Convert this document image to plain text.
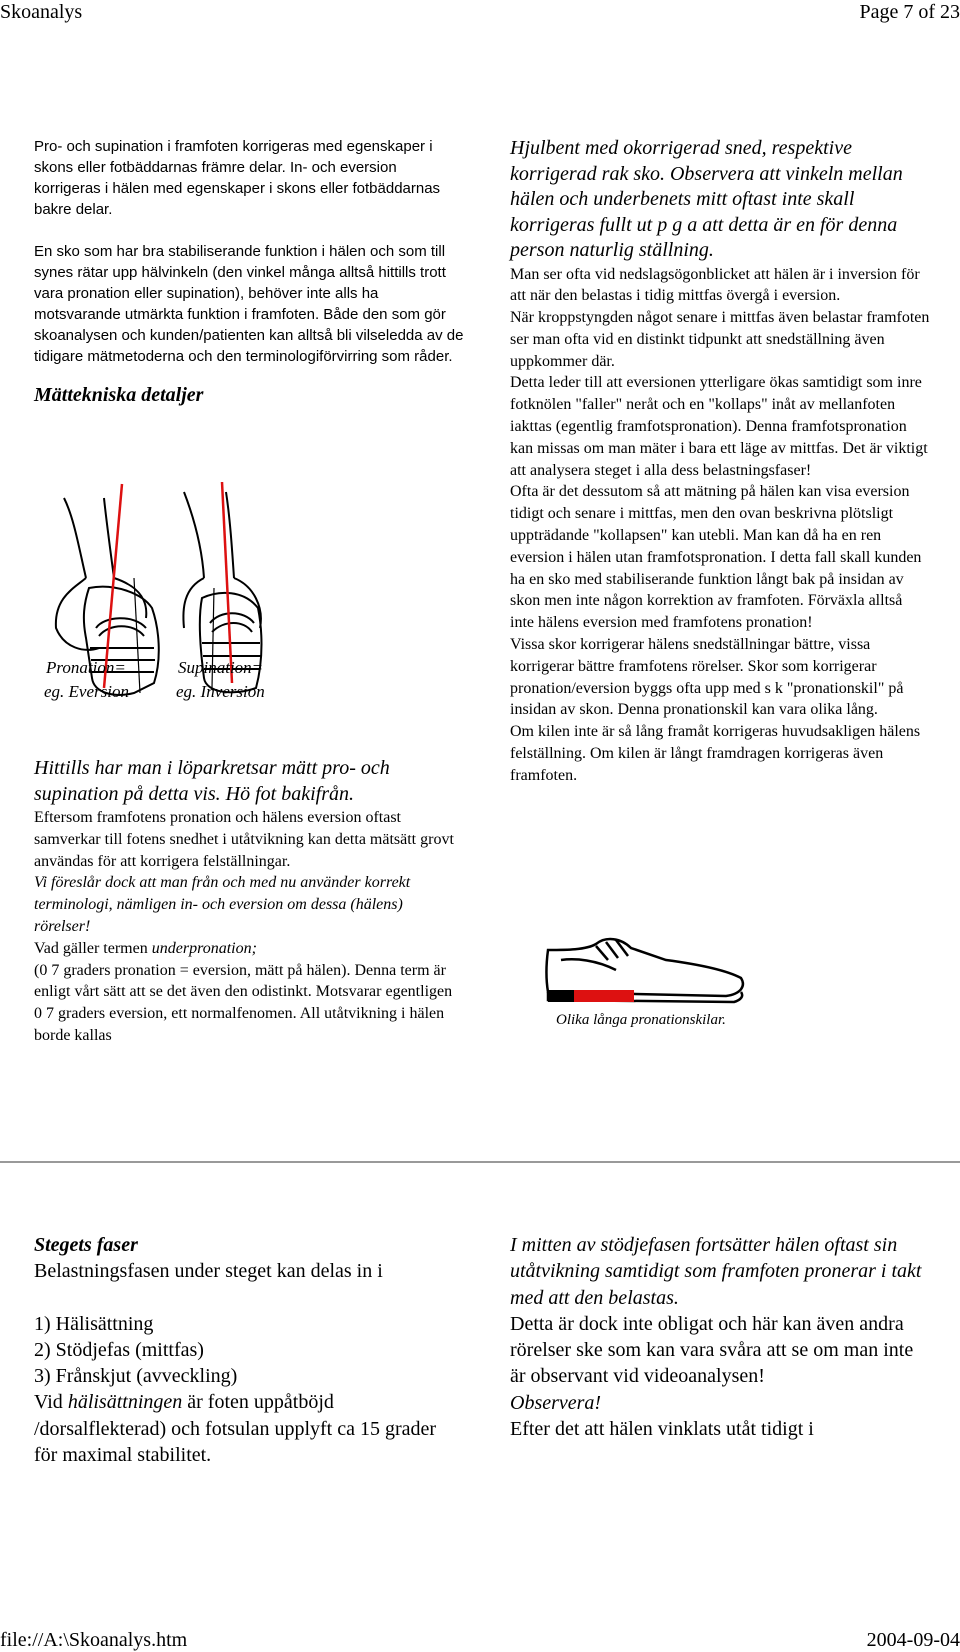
Skoanalys	Page 7 of 23

Pro- och supination i framfoten korrigeras med egenskaper i skons eller fotbäddarnas främre delar. In- och eversion korrigeras i hälen med egenskaper i skons eller fotbäddarnas bakre delar.

En sko som har bra stabiliserande funktion i hälen och som till synes rätar upp hälvinkeln (den vinkel många alltså hittills trott vara pronation eller supination), behöver inte alls ha motsvarande utmärkta funktion i framfoten. Både den som gör skoanalysen och kunden/patienten kan alltså bli vilseledda av de tidigare mätmetoderna och den terminologiförvirring som råder.

Mättekniska detaljer

Pronation=
eg. Eversion
Supination=
eg. Inversion

Hittills har man i löparkretsar mätt pro- och supination på detta vis. Hö fot bakifrån.

Eftersom framfotens pronation och hälens eversion oftast samverkar till fotens snedhet i utåtvikning kan detta mätsätt grovt användas för att korrigera felställningar.

Vi föreslår dock att man från och med nu använder korrekt terminologi, nämligen in- och eversion om dessa (hälens) rörelser!

Vad gäller termen underpronation;

(0 7 graders pronation = eversion, mätt på hälen). Denna term är enligt vårt sätt att se det även den odistinkt. Motsvarar egentligen 0 7 graders eversion, ett normalfenomen. All utåtvikning i hälen borde kallas

Hjulbent med okorrigerad sned, respektive korrigerad rak sko. Observera att vinkeln mellan hälen och underbenets mitt oftast inte skall korrigeras fullt ut p g a att detta är en för denna person naturlig ställning.

Man ser ofta vid nedslagsögonblicket att hälen är i inversion för att när den belastas i tidig mittfas övergå i eversion.

När kroppstyngden något senare i mittfas även belastar framfoten ser man ofta vid en distinkt tidpunkt att snedställning även uppkommer där.

Detta leder till att eversionen ytterligare ökas samtidigt som inre fotknölen "faller" neråt och en "kollaps" inåt av mellanfoten iakttas (egentlig framfotspronation). Denna framfotspronation kan missas om man mäter i bara ett läge av mittfas. Det är viktigt att analysera steget i alla dess belastningsfaser!

Ofta är det dessutom så att mätning på hälen kan visa eversion tidigt och senare i mittfas, men den ovan beskrivna plötsligt uppträdande "kollapsen" kan utebli. Man kan då ha en ren eversion i hälen utan framfotspronation. I detta fall skall kunden ha en sko med stabiliserande funktion långt bak på insidan av skon men inte någon korrektion av framfoten. Förväxla alltså inte hälens eversion med framfotens pronation!

Vissa skor korrigerar hälens snedställningar bättre, vissa korrigerar bättre framfotens rörelser. Skor som korrigerar pronation/eversion byggs ofta upp med s k "pronationskil" på insidan av skon. Denna pronationskil kan vara olika lång.

Om kilen inte är så lång framåt korrigeras huvudsakligen hälens felställning. Om kilen är långt framdragen korrigeras även framfoten.

Olika långa pronationskilar.

Stegets faser

Belastningsfasen under steget kan delas in i

1) Hälisättning

2) Stödjefas (mittfas)

3) Frånskjut (avveckling)

Vid hälisättningen är foten uppåtböjd /dorsalflekterad) och fotsulan upplyft ca 15 grader för maximal stabilitet.

I mitten av stödjefasen fortsätter hälen oftast sin utåtvikning samtidigt som framfoten pronerar i takt med att den belastas.

Detta är dock inte obligat och här kan även andra rörelser ske som kan vara svåra att se om man inte är observant vid videoanalysen!

Observera!

Efter det att hälen vinklats utåt tidigt i

file://A:\Skoanalys.htm	2004-09-04
